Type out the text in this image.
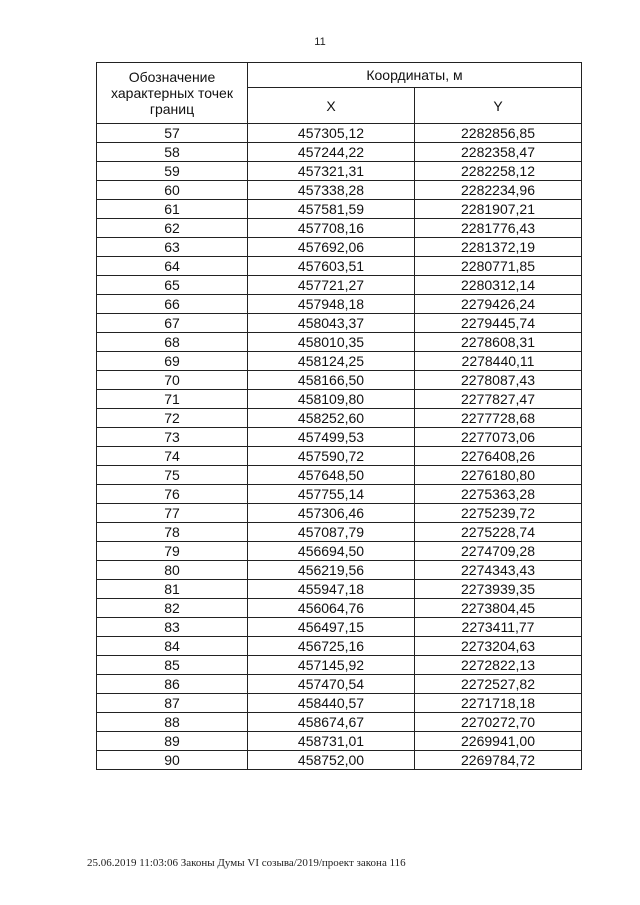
11
Обозначение характерных точек границ	Координаты, м	
	X	Y
57	457305,12	2282856,85
58	457244,22	2282358,47
59	457321,31	2282258,12
60	457338,28	2282234,96
61	457581,59	2281907,21
62	457708,16	2281776,43
63	457692,06	2281372,19
64	457603,51	2280771,85
65	457721,27	2280312,14
66	457948,18	2279426,24
67	458043,37	2279445,74
68	458010,35	2278608,31
69	458124,25	2278440,11
70	458166,50	2278087,43
71	458109,80	2277827,47
72	458252,60	2277728,68
73	457499,53	2277073,06
74	457590,72	2276408,26
75	457648,50	2276180,80
76	457755,14	2275363,28
77	457306,46	2275239,72
78	457087,79	2275228,74
79	456694,50	2274709,28
80	456219,56	2274343,43
81	455947,18	2273939,35
82	456064,76	2273804,45
83	456497,15	2273411,77
84	456725,16	2273204,63
85	457145,92	2272822,13
86	457470,54	2272527,82
87	458440,57	2271718,18
88	458674,67	2270272,70
89	458731,01	2269941,00
90	458752,00	2269784,72
25.06.2019 11:03:06 Законы Думы VI созыва/2019/проект закона 116
